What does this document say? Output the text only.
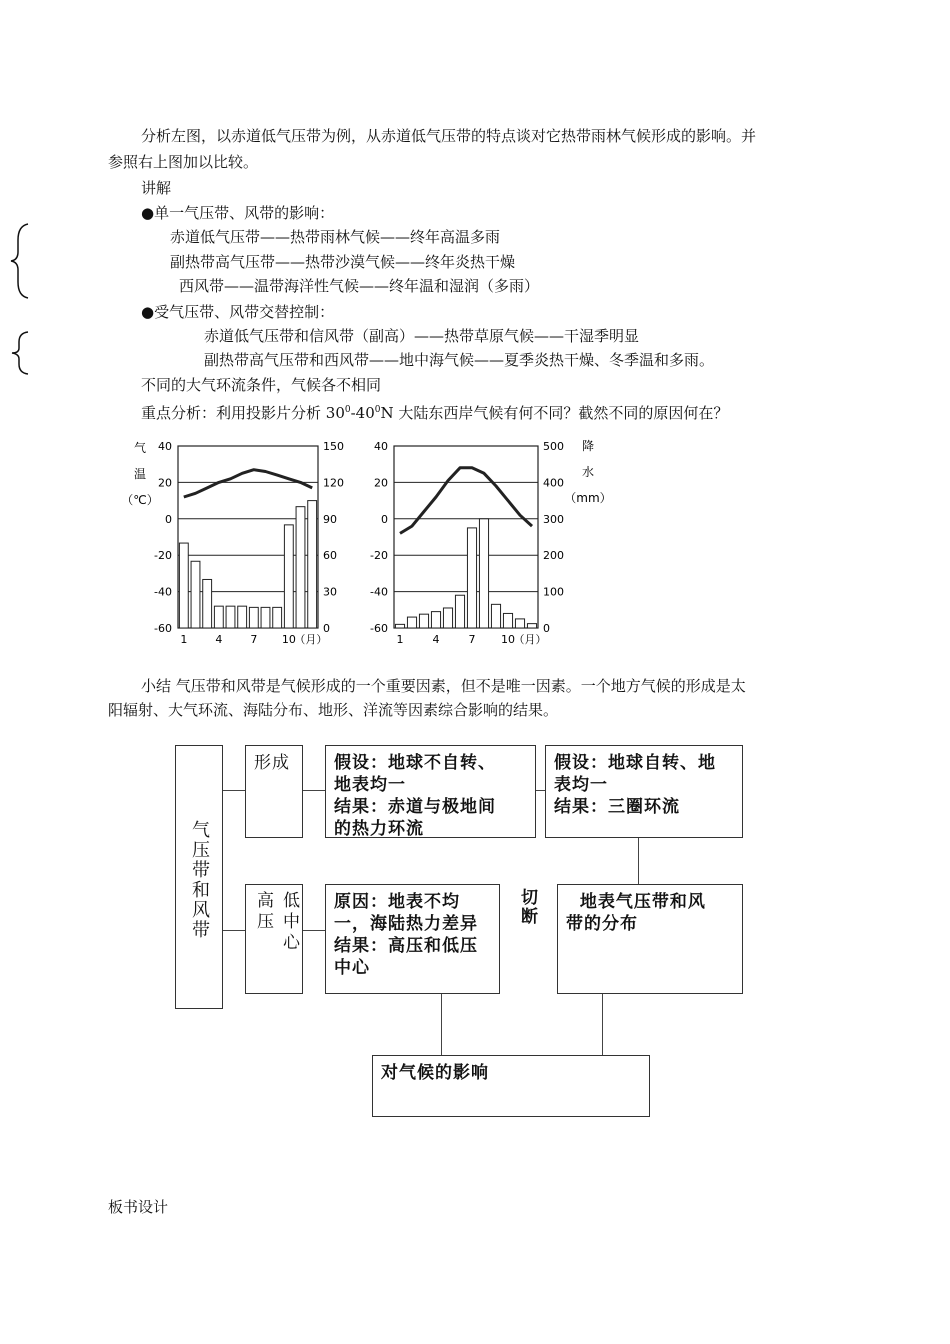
分析左图，以赤道低气压带为例，从赤道低气压带的特点谈对它热带雨林气候形成的影响。并
参照右上图加以比较。
讲解
●单一气压带、风带的影响：
赤道低气压带——热带雨林气候——终年高温多雨
副热带高气压带——热带沙漠气候——终年炎热干燥
西风带——温带海洋性气候——终年温和湿润（多雨）
●受气压带、风带交替控制：
赤道低气压带和信风带（副高）——热带草原气候——干湿季明显
副热带高气压带和西风带——地中海气候——夏季炎热干燥、冬季温和多雨。
不同的大气环流条件，气候各不相同
重点分析：利用投影片分析 $30^0-40^0N$ 大陆东西岸气候有何不同？截然不同的原因何在？
40
20
0
-20
-40
-60
150
120
90
60
30
0
1	4	7 10
（月）
气
温
（℃）
40
20
0
-20
-40
-60
500
400
300
200
100
0
1	4	7 10
（月）
降
水
（mm）
小结 气压带和风带是气候形成的一个重要因素，但不是唯一因素。一个地方气候的形成是太
阳辐射、大气环流、海陆分布、地形、洋流等因素综合影响的结果。
气压带和风带
形成	假设：地球不自转、
地表均一
结果：赤道与极地间
的热力环流
假设：地球自转、地
表均一
结果：三圈环流
高压 低中心 原因：地表不均
一，海陆热力差异
结果：高压和低压
中心
切断 地表气压带和风
带的分布
对气候的影响
板书设计
